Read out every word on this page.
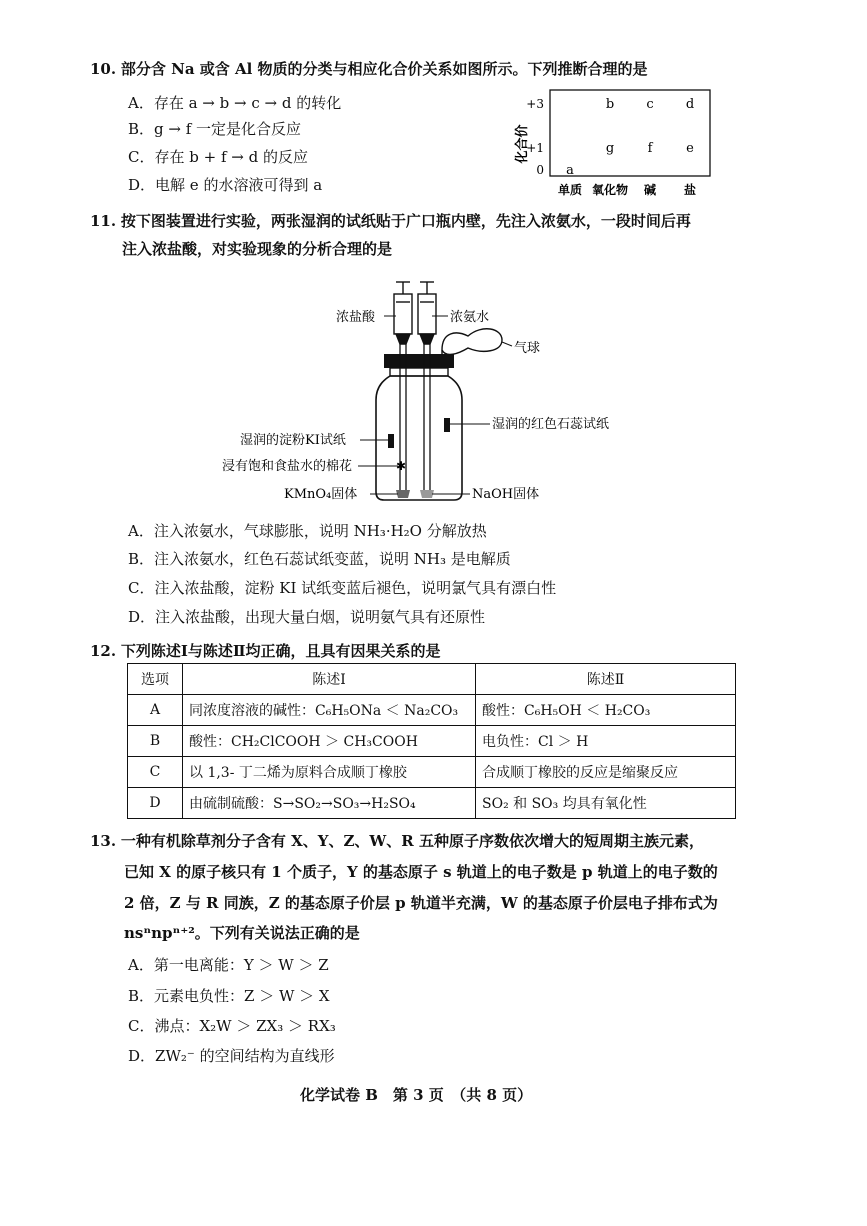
10. 部分含 Na 或含 Al 物质的分类与相应化合价关系如图所示。下列推断合理的是
A．存在 a → b → c → d 的转化
B．g → f 一定是化合反应
C．存在 b + f → d 的反应
D．电解 e 的水溶液可得到 a
化合价
+3
+1
0
单质 氧化物 碱 盐
a
b c d
g	f	e
11. 按下图装置进行实验，两张湿润的试纸贴于广口瓶内壁，先注入浓氨水，一段时间后再
注入浓盐酸，对实验现象的分析合理的是
✱
浓盐酸	浓氨水
气球
湿润的红色石蕊试纸
湿润的淀粉KI试纸
浸有饱和食盐水的棉花
KMnO₄固体	NaOH固体
A．注入浓氨水，气球膨胀，说明 NH₃·H₂O 分解放热
B．注入浓氨水，红色石蕊试纸变蓝，说明 NH₃ 是电解质
C．注入浓盐酸，淀粉 KI 试纸变蓝后褪色，说明氯气具有漂白性
D．注入浓盐酸，出现大量白烟，说明氨气具有还原性
12. 下列陈述Ⅰ与陈述Ⅱ均正确，且具有因果关系的是
选项	陈述Ⅰ	陈述Ⅱ
A	同浓度溶液的碱性：C₆H₅ONa ＜ Na₂CO₃	酸性：C₆H₅OH ＜ H₂CO₃
B	酸性：CH₂ClCOOH ＞ CH₃COOH	电负性：Cl ＞ H
C	以 1,3- 丁二烯为原料合成顺丁橡胶	合成顺丁橡胶的反应是缩聚反应
D	由硫制硫酸：S→SO₂→SO₃→H₂SO₄	SO₂ 和 SO₃ 均具有氧化性
13. 一种有机除草剂分子含有 X、Y、Z、W、R 五种原子序数依次增大的短周期主族元素，
已知 X 的原子核只有 1 个质子，Y 的基态原子 s 轨道上的电子数是 p 轨道上的电子数的
2 倍，Z 与 R 同族，Z 的基态原子价层 p 轨道半充满，W 的基态原子价层电子排布式为
nsⁿnpⁿ⁺²。下列有关说法正确的是
A．第一电离能：Y ＞ W ＞ Z
B．元素电负性：Z ＞ W ＞ X
C．沸点：X₂W ＞ ZX₃ ＞ RX₃
D．ZW₂⁻ 的空间结构为直线形
化学试卷 B　第 3 页　（共 8 页）
